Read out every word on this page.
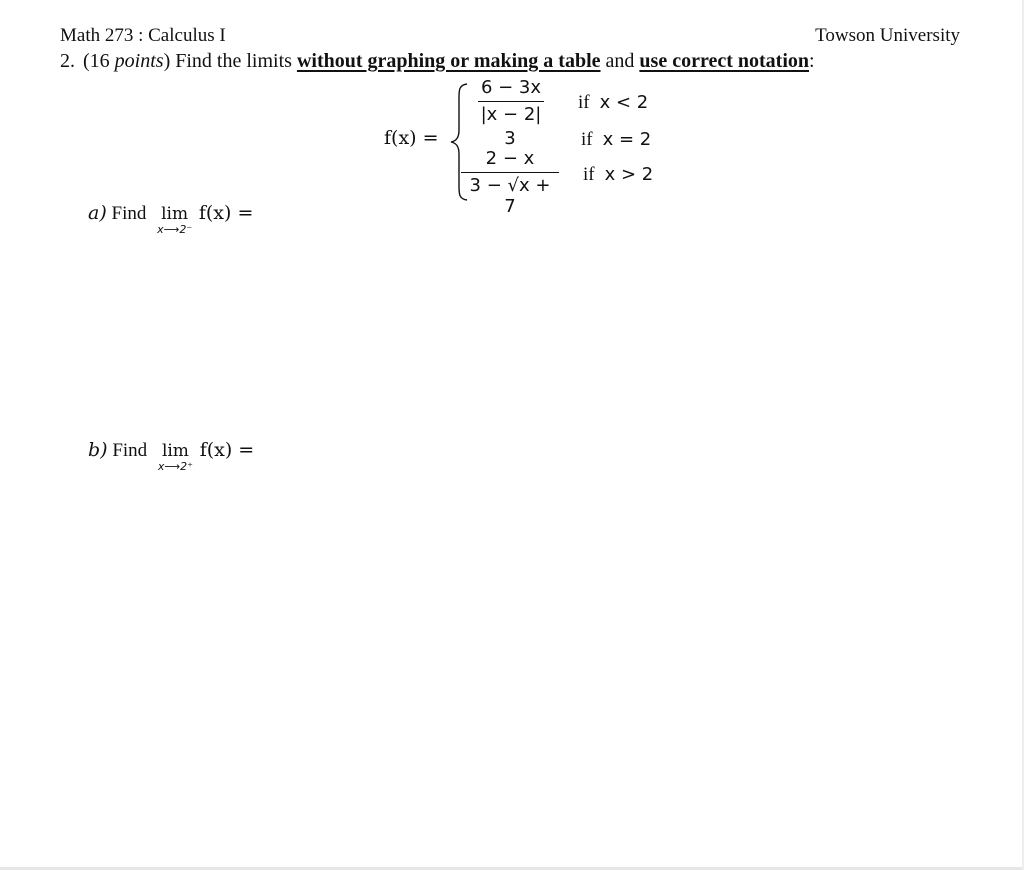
Math 273 : Calculus I	Towson University
2. (16 points) Find the limits without graphing or making a table and use correct notation:
f(x) =
6 − 3x
|x − 2|
if x < 2
3	if x = 2
2 − x
3 − √x + 7
if x > 2
a) Find lim
x⟶2⁻
f(x) =
b) Find lim
x⟶2⁺
f(x) =
